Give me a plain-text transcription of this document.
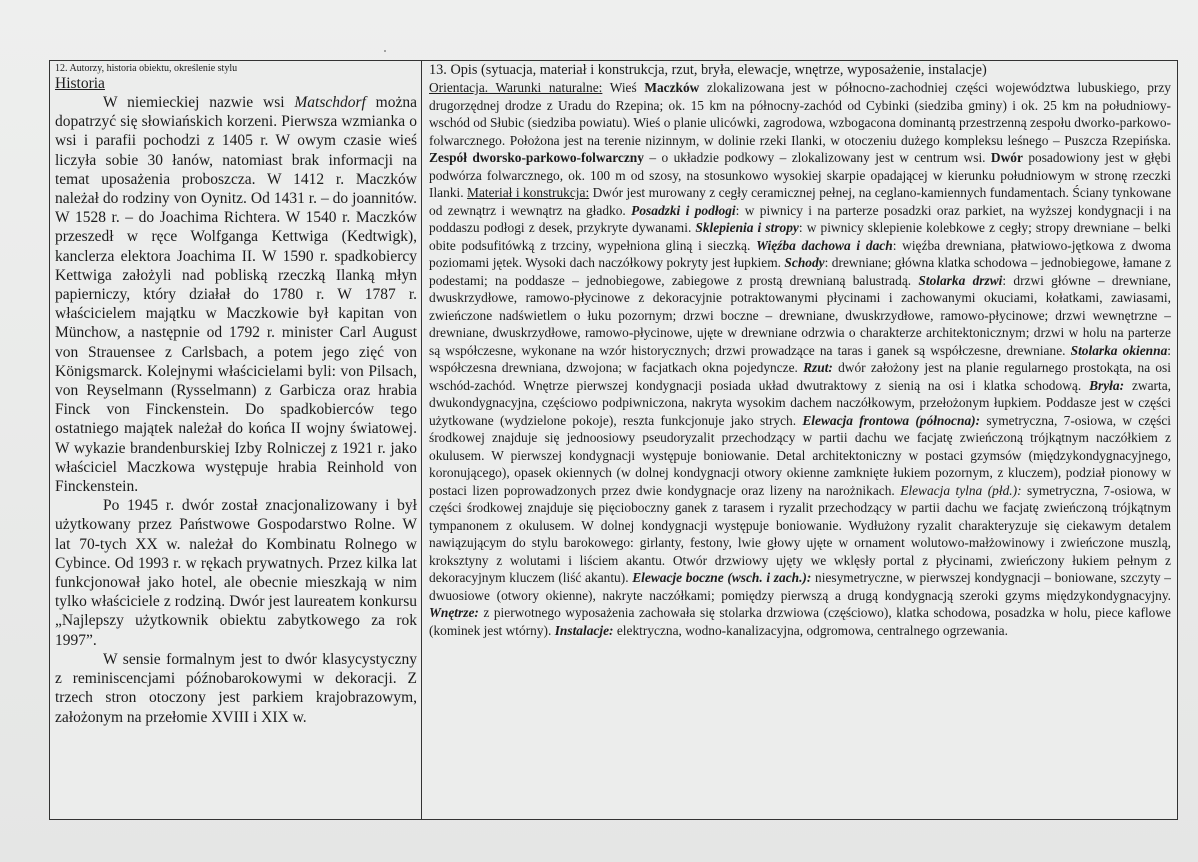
12. Autorzy, historia obiektu, określenie stylu
Historia

W niemieckiej nazwie wsi Matschdorf można dopatrzyć się słowiańskich korzeni. Pierwsza wzmianka o wsi i parafii pochodzi z 1405 r. W owym czasie wieś liczyła sobie 30 łanów, natomiast brak informacji na temat uposażenia proboszcza. W 1412 r. Maczków należał do rodziny von Oynitz. Od 1431 r. – do joannitów. W 1528 r. – do Joachima Richtera. W 1540 r. Maczków przeszedł w ręce Wolfganga Kettwiga (Kedtwigk), kanclerza elektora Joachima II. W 1590 r. spadkobiercy Kettwiga założyli nad pobliską rzeczką Ilanką młyn papierniczy, który działał do 1780 r. W 1787 r. właścicielem majątku w Maczkowie był kapitan von Münchow, a następnie od 1792 r. minister Carl August von Strauensee z Carlsbach, a potem jego zięć von Königsmarck. Kolejnymi właścicielami byli: von Pilsach, von Reyselmann (Rysselmann) z Garbicza oraz hrabia Finck von Finckenstein. Do spadkobierców tego ostatniego majątek należał do końca II wojny światowej. W wykazie brandenburskiej Izby Rolniczej z 1921 r. jako właściciel Maczkowa występuje hrabia Reinhold von Finckenstein.

Po 1945 r. dwór został znacjonalizowany i był użytkowany przez Państwowe Gospodarstwo Rolne. W lat 70-tych XX w. należał do Kombinatu Rolnego w Cybince. Od 1993 r. w rękach prywatnych. Przez kilka lat funkcjonował jako hotel, ale obecnie mieszkają w nim tylko właściciele z rodziną. Dwór jest laureatem konkursu „Najlepszy użytkownik obiektu zabytkowego za rok 1997”.

W sensie formalnym jest to dwór klasycystyczny z reminiscencjami późnobarokowymi w dekoracji. Z trzech stron otoczony jest parkiem krajobrazowym, założonym na przełomie XVIII i XIX w.

13. Opis (sytuacja, materiał i konstrukcja, rzut, bryła, elewacje, wnętrze, wyposażenie, instalacje)

Orientacja. Warunki naturalne: Wieś Maczków zlokalizowana jest w północno-zachodniej części województwa lubuskiego, przy drugorzędnej drodze z Uradu do Rzepina; ok. 15 km na północny-zachód od Cybinki (siedziba gminy) i ok. 25 km na południowy-wschód od Słubic (siedziba powiatu). Wieś o planie ulicówki, zagrodowa, wzbogacona dominantą przestrzenną zespołu dworko-parkowo-folwarcznego. Położona jest na terenie nizinnym, w dolinie rzeki Ilanki, w otoczeniu dużego kompleksu leśnego – Puszcza Rzepińska. Zespół dworsko-parkowo-folwarczny – o układzie podkowy – zlokalizowany jest w centrum wsi. Dwór posadowiony jest w głębi podwórza folwarcznego, ok. 100 m od szosy, na stosunkowo wysokiej skarpie opadającej w kierunku południowym w stronę rzeczki Ilanki. Materiał i konstrukcja: Dwór jest murowany z cegły ceramicznej pełnej, na ceglano-kamiennych fundamentach. Ściany tynkowane od zewnątrz i wewnątrz na gładko. Posadzki i podłogi: w piwnicy i na parterze posadzki oraz parkiet, na wyższej kondygnacji i na poddaszu podłogi z desek, przykryte dywanami. Sklepienia i stropy: w piwnicy sklepienie kolebkowe z cegły; stropy drewniane – belki obite podsufitówką z trzciny, wypełniona gliną i sieczką. Więźba dachowa i dach: więźba drewniana, płatwiowo-jętkowa z dwoma poziomami jętek. Wysoki dach naczółkowy pokryty jest łupkiem. Schody: drewniane; główna klatka schodowa – jednobiegowe, łamane z podestami; na poddasze – jednobiegowe, zabiegowe z prostą drewnianą balustradą. Stolarka drzwi: drzwi główne – drewniane, dwuskrzydłowe, ramowo-płycinowe z dekoracyjnie potraktowanymi płycinami i zachowanymi okuciami, kołatkami, zawiasami, zwieńczone nadświetlem o łuku pozornym; drzwi boczne – drewniane, dwuskrzydłowe, ramowo-płycinowe; drzwi wewnętrzne – drewniane, dwuskrzydłowe, ramowo-płycinowe, ujęte w drewniane odrzwia o charakterze architektonicznym; drzwi w holu na parterze są współczesne, wykonane na wzór historycznych; drzwi prowadzące na taras i ganek są współczesne, drewniane. Stolarka okienna: współczesna drewniana, dzwojona; w facjatkach okna pojedyncze. Rzut: dwór założony jest na planie regularnego prostokąta, na osi wschód-zachód. Wnętrze pierwszej kondygnacji posiada układ dwutraktowy z sienią na osi i klatka schodową. Bryła: zwarta, dwukondygnacyjna, częściowo podpiwniczona, nakryta wysokim dachem naczółkowym, przełożonym łupkiem. Poddasze jest w części użytkowane (wydzielone pokoje), reszta funkcjonuje jako strych. Elewacja frontowa (północna): symetryczna, 7-osiowa, w części środkowej znajduje się jednoosiowy pseudoryzalit przechodzący w partii dachu we facjatę zwieńczoną trójkątnym naczółkiem z okulusem. W pierwszej kondygnacji występuje boniowanie. Detal architektoniczny w postaci gzymsów (międzykondygnacyjnego, koronującego), opasek okiennych (w dolnej kondygnacji otwory okienne zamknięte łukiem pozornym, z kluczem), podział pionowy w postaci lizen poprowadzonych przez dwie kondygnacje oraz lizeny na narożnikach. Elewacja tylna (płd.): symetryczna, 7-osiowa, w części środkowej znajduje się pięcioboczny ganek z tarasem i ryzalit przechodzący w partii dachu we facjatę zwieńczoną trójkątnym tympanonem z okulusem. W dolnej kondygnacji występuje boniowanie. Wydłużony ryzalit charakteryzuje się ciekawym detalem nawiązującym do stylu barokowego: girlanty, festony, lwie głowy ujęte w ornament wolutowo-małżowinowy i zwieńczone muszlą, kroksztyny z wolutami i liściem akantu. Otwór drzwiowy ujęty we wklęsły portal z płycinami, zwieńczony łukiem pełnym z dekoracyjnym kluczem (liść akantu). Elewacje boczne (wsch. i zach.): niesymetryczne, w pierwszej kondygnacji – boniowane, szczyty – dwuosiowe (otwory okienne), nakryte naczółkami; pomiędzy pierwszą a drugą kondygnacją szeroki gzyms międzykondygnacyjny. Wnętrze: z pierwotnego wyposażenia zachowała się stolarka drzwiowa (częściowo), klatka schodowa, posadzka w holu, piece kaflowe (kominek jest wtórny). Instalacje: elektryczna, wodno-kanalizacyjna, odgromowa, centralnego ogrzewania.
